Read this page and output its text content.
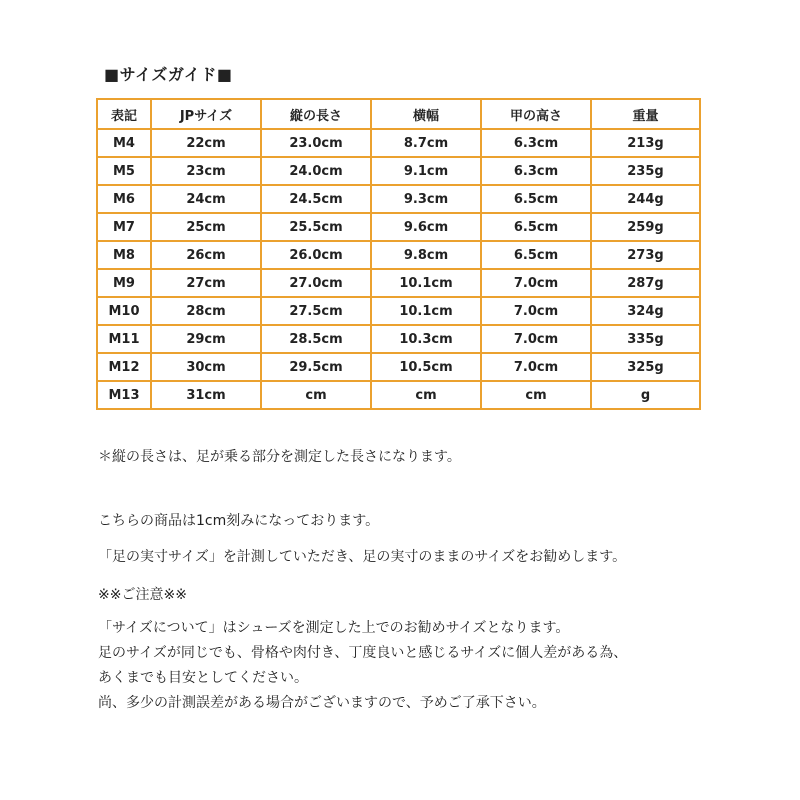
■サイズガイド■
表記	JPサイズ	縦の長さ	横幅	甲の高さ	重量
M4	22cm	23.0cm	8.7cm	6.3cm	213g
M5	23cm	24.0cm	9.1cm	6.3cm	235g
M6	24cm	24.5cm	9.3cm	6.5cm	244g
M7	25cm	25.5cm	9.6cm	6.5cm	259g
M8	26cm	26.0cm	9.8cm	6.5cm	273g
M9	27cm	27.0cm	10.1cm	7.0cm	287g
M10	28cm	27.5cm	10.1cm	7.0cm	324g
M11	29cm	28.5cm	10.3cm	7.0cm	335g
M12	30cm	29.5cm	10.5cm	7.0cm	325g
M13	31cm	cm	cm	cm	g
＊縦の長さは、足が乗る部分を測定した長さになります。
こちらの商品は1cm刻みになっております。
「足の実寸サイズ」を計測していただき、足の実寸のままのサイズをお勧めします。
※※ご注意※※
「サイズについて」はシューズを測定した上でのお勧めサイズとなります。
足のサイズが同じでも、骨格や肉付き、丁度良いと感じるサイズに個人差がある為、
あくまでも目安としてください。
尚、多少の計測誤差がある場合がございますので、予めご了承下さい。
